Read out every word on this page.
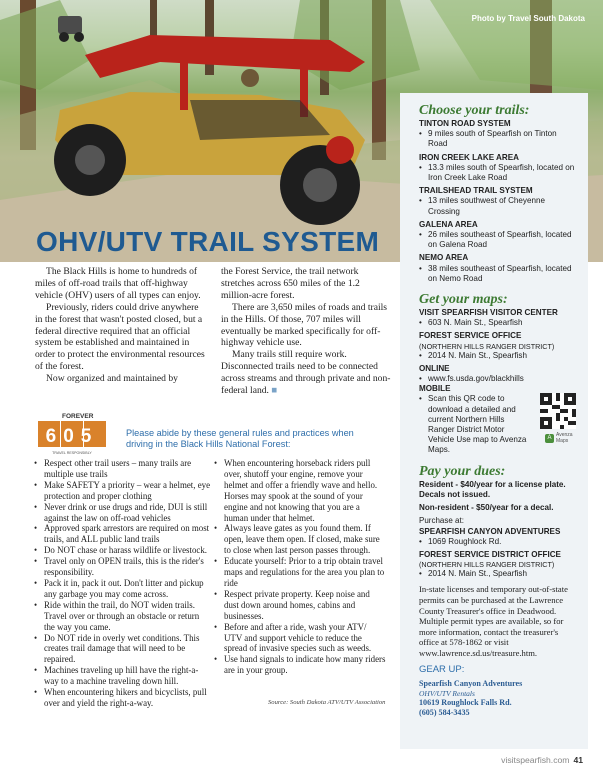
Photo by Travel South Dakota
OHV/UTV TRAIL SYSTEM

The Black Hills is home to hundreds of miles of off-road trails that off-highway vehicle (OHV) users of all types can enjoy.

Previously, riders could drive anywhere in the forest that wasn't posted closed, but a federal directive required that an official system be established and maintained in order to protect the environmental resources of the forest.

Now organized and maintained by

the Forest Service, the trail network stretches across 650 miles of the 1.2 million-acre forest.

There are 3,650 miles of roads and trails in the Hills. Of those, 707 miles will eventually be marked specifically for off-highway vehicle use.

Many trails still require work. Disconnected trails need to be connected across streams and through private and non-federal land. ■

FOREVER
605
TRAVEL RESPONSIBLY
Please abide by these general rules and practices when driving in the Black Hills National Forest:
• Respect other trail users – many trails are multiple use trails
• Make SAFETY a priority – wear a helmet, eye protection and proper clothing
• Never drink or use drugs and ride, DUI is still against the law on off-road vehicles
• Approved spark arrestors are required on most trails, and ALL public land trails
• Do NOT chase or harass wildlife or livestock.
• Travel only on OPEN trails, this is the rider's responsibility.
• Pack it in, pack it out. Don't litter and pickup any garbage you may come across.
• Ride within the trail, do NOT widen trails. Travel over or through an obstacle or return the way you came.
• Do NOT ride in overly wet conditions. This creates trail damage that will need to be repaired.
• Machines traveling up hill have the right-a-way to a machine traveling down hill.
• When encountering hikers and bicyclists, pull over and yield the right-a-way.
• When encountering horseback riders pull over, shutoff your engine, remove your helmet and offer a friendly wave and hello. Horses may spook at the sound of your engine and not knowing that you are a human under that helmet.
• Always leave gates as you found them. If open, leave them open. If closed, make sure to close when last person passes through.
• Educate yourself: Prior to a trip obtain travel maps and regulations for the area you plan to ride
• Respect private property. Keep noise and dust down around homes, cabins and businesses.
• Before and after a ride, wash your ATV/ UTV and support vehicle to reduce the spread of invasive species such as weeds.
• Use hand signals to indicate how many riders are in your group.
Source: South Dakota ATV/UTV Association
Choose your trails:
TINTON ROAD SYSTEM
• 9 miles south of Spearfish on Tinton Road
IRON CREEK LAKE AREA
• 13.3 miles south of Spearfish, located on Iron Creek Lake Road
TRAILSHEAD TRAIL SYSTEM
• 13 miles southwest of Cheyenne Crossing
GALENA AREA
• 26 miles southeast of Spearfish, located on Galena Road
NEMO AREA
• 38 miles southeast of Spearfish, located on Nemo Road
Get your maps:
VISIT SPEARFISH VISITOR CENTER
• 603 N. Main St., Spearfish
FOREST SERVICE OFFICE
(NORTHERN HILLS RANGER DISTRICT)
• 2014 N. Main St., Spearfish
ONLINE
• www.fs.usda.gov/blackhills
MOBILE
• Scan this QR code to download a detailed and current Northern Hills Ranger District Motor Vehicle Use map to Avenza Maps.
A Avenza Maps
Pay your dues:
Resident - $40/year for a license plate. Decals not issued.
Non-resident - $50/year for a decal.
Purchase at:
SPEARFISH CANYON ADVENTURES
• 1069 Roughlock Rd.
FOREST SERVICE DISTRICT OFFICE
(NORTHERN HILLS RANGER DISTRICT)
• 2014 N. Main St., Spearfish
In-state licenses and temporary out-of-state permits can be purchased at the Lawrence County Treasurer's office in Deadwood. Multiple permit types are available, so for more information, contact the treasurer's office at 578-1862 or visit www.lawrence.sd.us/treasure.htm.
GEAR UP:
Spearfish Canyon Adventures
OHV/UTV Rentals
10619 Roughlock Falls Rd.
(605) 584-3435
visitspearfish.com 41
